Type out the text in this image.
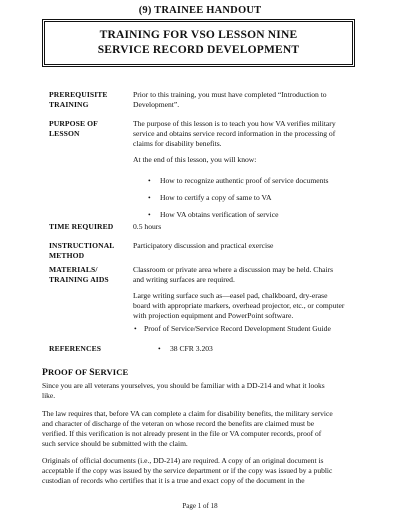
(9) TRAINEE HANDOUT
TRAINING FOR VSO LESSON NINE
SERVICE RECORD DEVELOPMENT
PREREQUISITE
TRAINING
Prior to this training, you must have completed “Introduction to
Development”.
PURPOSE OF
LESSON
The purpose of this lesson is to teach you how VA verifies military
service and obtains service record information in the processing of
claims for disability benefits.
At the end of this lesson, you will know:
• How to recognize authentic proof of service documents
• How to certify a copy of same to VA
• How VA obtains verification of service
TIME REQUIRED	0.5 hours
INSTRUCTIONAL
METHOD
Participatory discussion and practical exercise
MATERIALS/
TRAINING AIDS
Classroom or private area where a discussion may be held. Chairs
and writing surfaces are required.
Large writing surface such as—easel pad, chalkboard, dry-erase
board with appropriate markers, overhead projector, etc., or computer
with projection equipment and PowerPoint software.
• Proof of Service/Service Record Development Student Guide
REFERENCES	• 38 CFR 3.203
PROOF OF SERVICE
Since you are all veterans yourselves, you should be familiar with a DD-214 and what it looks
like.
The law requires that, before VA can complete a claim for disability benefits, the military service
and character of discharge of the veteran on whose record the benefits are claimed must be
verified. If this verification is not already present in the file or VA computer records, proof of
such service should be submitted with the claim.
Originals of official documents (i.e., DD-214) are required. A copy of an original document is
acceptable if the copy was issued by the service department or if the copy was issued by a public
custodian of records who certifies that it is a true and exact copy of the document in the
Page 1 of 18
